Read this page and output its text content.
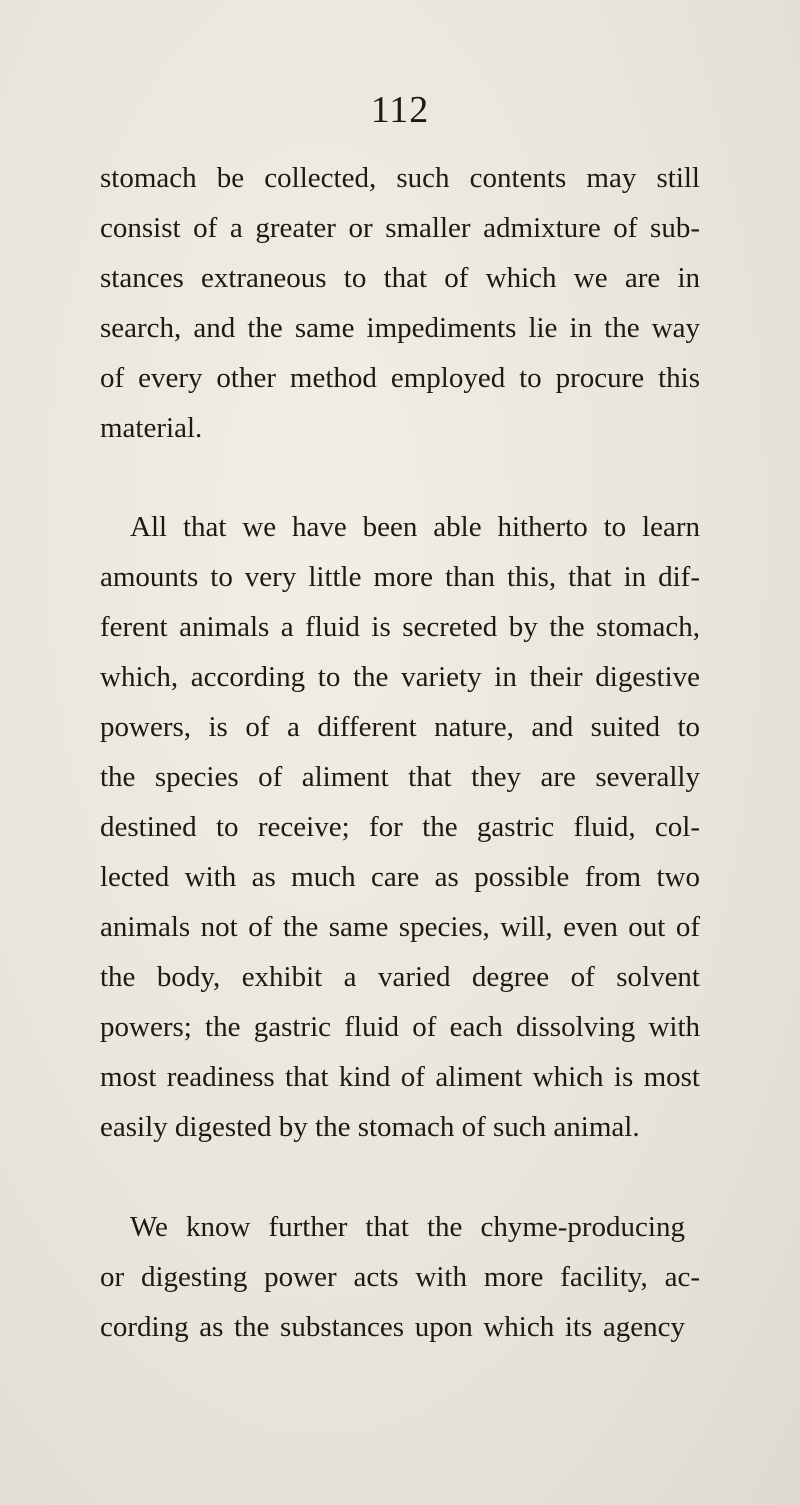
112
stomach be collected, such contents may still
consist of a greater or smaller admixture of sub-
stances extraneous to that of which we are in
search, and the same impediments lie in the way
of every other method employed to procure this
material.
All that we have been able hitherto to learn
amounts to very little more than this, that in dif-
ferent animals a fluid is secreted by the stomach,
which, according to the variety in their digestive
powers, is of a different nature, and suited to
the species of aliment that they are severally
destined to receive; for the gastric fluid, col-
lected with as much care as possible from two
animals not of the same species, will, even out of
the body, exhibit a varied degree of solvent
powers; the gastric fluid of each dissolving with
most readiness that kind of aliment which is most
easily digested by the stomach of such animal.
We know further that the chyme-producing
or digesting power acts with more facility, ac-
cording as the substances upon which its agency
